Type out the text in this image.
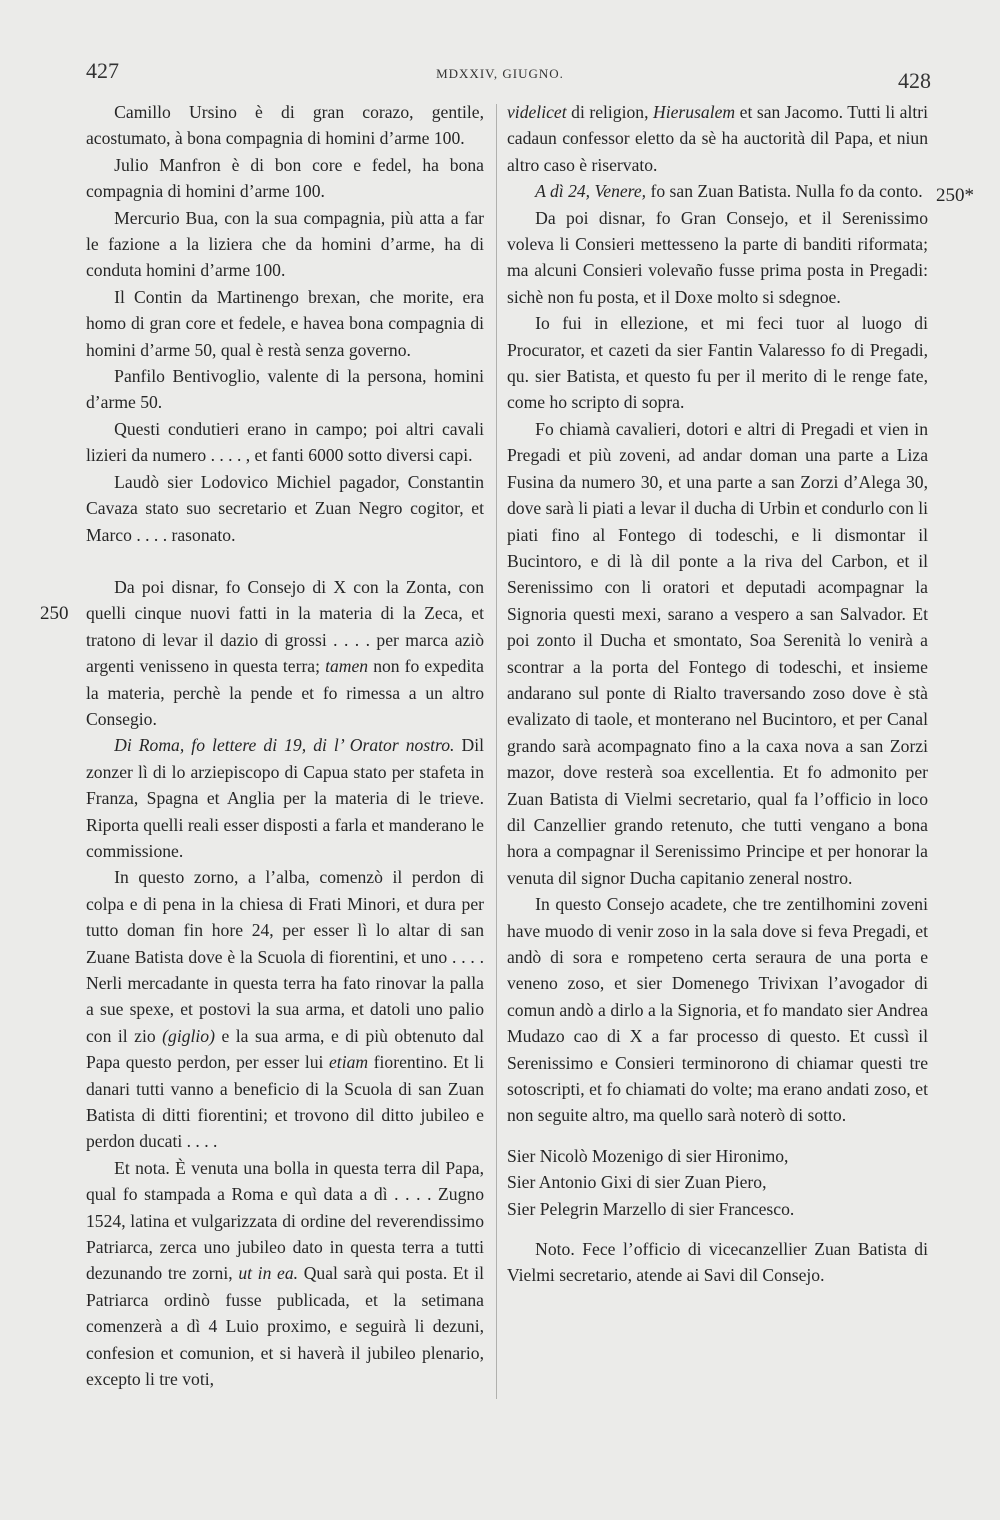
427	MDXXIV, GIUGNO.	428
250
250*

Camillo Ursino è di gran corazo, gentile, acostumato, à bona compagnia di homini d’arme 100.

Julio Manfron è di bon core e fedel, ha bona compagnia di homini d’arme 100.

Mercurio Bua, con la sua compagnia, più atta a far le fazione a la liziera che da homini d’arme, ha di conduta homini d’arme 100.

Il Contin da Martinengo brexan, che morite, era homo di gran core et fedele, e havea bona compagnia di homini d’arme 50, qual è restà senza governo.

Panfilo Bentivoglio, valente di la persona, homini d’arme 50.

Questi condutieri erano in campo; poi altri cavali lizieri da numero . . . . , et fanti 6000 sotto diversi capi.

Laudò sier Lodovico Michiel pagador, Constantin Cavaza stato suo secretario et Zuan Negro cogitor, et Marco . . . . rasonato.

Da poi disnar, fo Consejo di X con la Zonta, con quelli cinque nuovi fatti in la materia di la Zeca, et tratono di levar il dazio di grossi . . . . per marca aziò argenti venisseno in questa terra; tamen non fo expedita la materia, perchè la pende et fo rimessa a un altro Consegio.

Di Roma, fo lettere di 19, di l’ Orator nostro. Dil zonzer lì di lo arziepiscopo di Capua stato per stafeta in Franza, Spagna et Anglia per la materia di le trieve. Riporta quelli reali esser disposti a farla et manderano le commissione.

In questo zorno, a l’alba, comenzò il perdon di colpa e di pena in la chiesa di Frati Minori, et dura per tutto doman fin hore 24, per esser lì lo altar di san Zuane Batista dove è la Scuola di fiorentini, et uno . . . . Nerli mercadante in questa terra ha fato rinovar la palla a sue spexe, et postovi la sua arma, et datoli uno palio con il zio (giglio) e la sua arma, e di più obtenuto dal Papa questo perdon, per esser lui etiam fiorentino. Et li danari tutti vanno a beneficio di la Scuola di san Zuan Batista di ditti fiorentini; et trovono dil ditto jubileo e perdon ducati . . . .

Et nota. È venuta una bolla in questa terra dil Papa, qual fo stampada a Roma e quì data a dì . . . . Zugno 1524, latina et vulgarizzata di ordine del reverendissimo Patriarca, zerca uno jubileo dato in questa terra a tutti dezunando tre zorni, ut in ea. Qual sarà qui posta. Et il Patriarca ordinò fusse publicada, et la setimana comenzerà a dì 4 Luio proximo, e seguirà li dezuni, confesion et comunion, et si haverà il jubileo plenario, excepto li tre voti,

videlicet di religion, Hierusalem et san Jacomo. Tutti li altri cadaun confessor eletto da sè ha auctorità dil Papa, et niun altro caso è riservato.

A dì 24, Venere, fo san Zuan Batista. Nulla fo da conto.

Da poi disnar, fo Gran Consejo, et il Serenissimo voleva li Consieri mettesseno la parte di banditi riformata; ma alcuni Consieri volevaño fusse prima posta in Pregadi: sichè non fu posta, et il Doxe molto si sdegnoe.

Io fui in ellezione, et mi feci tuor al luogo di Procurator, et cazeti da sier Fantin Valaresso fo di Pregadi, qu. sier Batista, et questo fu per il merito di le renge fate, come ho scripto di sopra.

Fo chiamà cavalieri, dotori e altri di Pregadi et vien in Pregadi et più zoveni, ad andar doman una parte a Liza Fusina da numero 30, et una parte a san Zorzi d’Alega 30, dove sarà li piati a levar il ducha di Urbin et condurlo con li piati fino al Fontego di todeschi, e li dismontar il Bucintoro, e di là dil ponte a la riva del Carbon, et il Serenissimo con li oratori et deputadi acompagnar la Signoria questi mexi, sarano a vespero a san Salvador. Et poi zonto il Ducha et smontato, Soa Serenità lo venirà a scontrar a la porta del Fontego di todeschi, et insieme andarano sul ponte di Rialto traversando zoso dove è stà evalizato di taole, et monterano nel Bucintoro, et per Canal grando sarà acompagnato fino a la caxa nova a san Zorzi mazor, dove resterà soa excellentia. Et fo admonito per Zuan Batista di Vielmi secretario, qual fa l’officio in loco dil Canzellier grando retenuto, che tutti vengano a bona hora a compagnar il Serenissimo Principe et per honorar la venuta dil signor Ducha capitanio zeneral nostro.

In questo Consejo acadete, che tre zentilhomini zoveni have muodo di venir zoso in la sala dove si feva Pregadi, et andò di sora e rompeteno certa seraura de una porta e veneno zoso, et sier Domenego Trivixan l’avogador di comun andò a dirlo a la Signoria, et fo mandato sier Andrea Mudazo cao di X a far processo di questo. Et cussì il Serenissimo e Consieri terminorono di chiamar questi tre sotoscripti, et fo chiamati do volte; ma erano andati zoso, et non seguite altro, ma quello sarà noterò di sotto.

Sier Nicolò Mozenigo di sier Hironimo,

Sier Antonio Gixi di sier Zuan Piero,

Sier Pelegrin Marzello di sier Francesco.

Noto. Fece l’officio di vicecanzellier Zuan Batista di Vielmi secretario, atende ai Savi dil Consejo.
